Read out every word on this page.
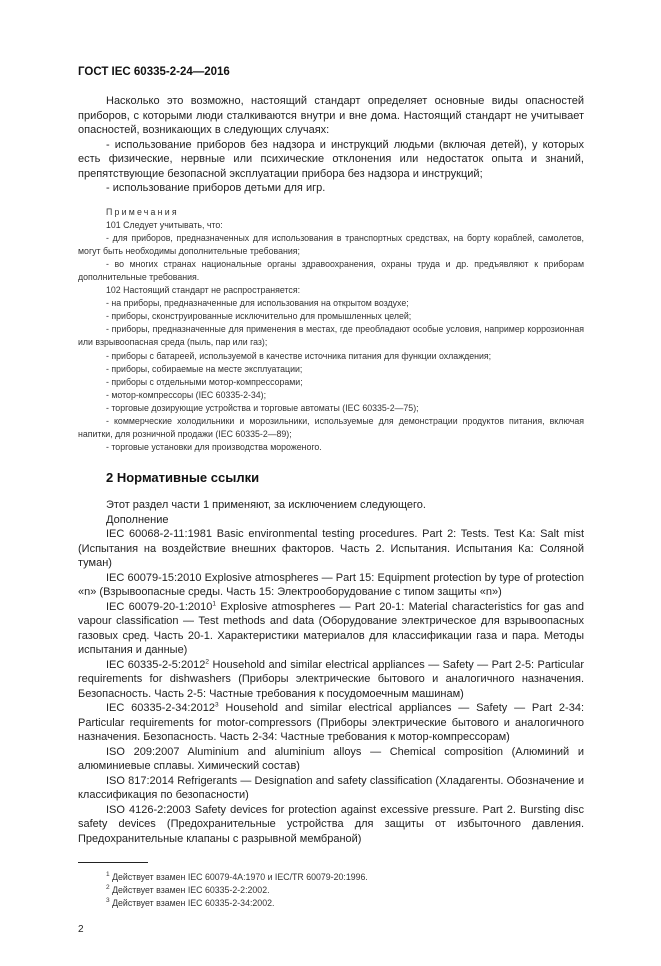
ГОСТ IEC 60335-2-24—2016

Насколько это возможно, настоящий стандарт определяет основные виды опасностей приборов, с которыми люди сталкиваются внутри и вне дома. Настоящий стандарт не учитывает опасностей, возникающих в следующих случаях:

- использование приборов без надзора и инструкций людьми (включая детей), у которых есть физические, нервные или психические отклонения или недостаток опыта и знаний, препятствующие безопасной эксплуатации прибора без надзора и инструкций;

- использование приборов детьми для игр.

Примечания

101 Следует учитывать, что:

- для приборов, предназначенных для использования в транспортных средствах, на борту кораблей, самолетов, могут быть необходимы дополнительные требования;

- во многих странах национальные органы здравоохранения, охраны труда и др. предъявляют к приборам дополнительные требования.

102 Настоящий стандарт не распространяется:

- на приборы, предназначенные для использования на открытом воздухе;

- приборы, сконструированные исключительно для промышленных целей;

- приборы, предназначенные для применения в местах, где преобладают особые условия, например коррозионная или взрывоопасная среда (пыль, пар или газ);

- приборы с батареей, используемой в качестве источника питания для функции охлаждения;

- приборы, собираемые на месте эксплуатации;

- приборы с отдельными мотор-компрессорами;

- мотор-компрессоры (IEC 60335-2-34);

- торговые дозирующие устройства и торговые автоматы (IEC 60335-2—75);

- коммерческие холодильники и морозильники, используемые для демонстрации продуктов питания, включая напитки, для розничной продажи (IEC 60335-2—89);

- торговые установки для производства мороженого.

2 Нормативные ссылки

Этот раздел части 1 применяют, за исключением следующего.

Дополнение

IEC 60068-2-11:1981 Basic environmental testing procedures. Part 2: Tests. Test Ka: Salt mist (Испытания на воздействие внешних факторов. Часть 2. Испытания. Испытания Ка: Соляной туман)

IEC 60079-15:2010 Explosive atmospheres — Part 15: Equipment protection by type of protection «n» (Взрывоопасные среды. Часть 15: Электрооборудование с типом защиты «n»)

IEC 60079-20-1:2010$^1$ Explosive atmospheres — Part 20-1: Material characteristics for gas and vapour classification — Test methods and data (Оборудование электрическое для взрывоопасных газовых сред. Часть 20-1. Характеристики материалов для классификации газа и пара. Методы испытания и данные)

IEC 60335-2-5:2012$^2$ Household and similar electrical appliances — Safety — Part 2-5: Particular requirements for dishwashers (Приборы электрические бытового и аналогичного назначения. Безопасность. Часть 2-5: Частные требования к посудомоечным машинам)

IEC 60335-2-34:2012$^3$ Household and similar electrical appliances — Safety — Part 2-34: Particular requirements for motor-compressors (Приборы электрические бытового и аналогичного назначения. Безопасность. Часть 2-34: Частные требования к мотор-компрессорам)

ISO 209:2007 Aluminium and aluminium alloys — Chemical composition (Алюминий и алюминиевые сплавы. Химический состав)

ISO 817:2014 Refrigerants — Designation and safety classification (Хладагенты. Обозначение и классификация по безопасности)

ISO 4126-2:2003 Safety devices for protection against excessive pressure. Part 2. Bursting disc safety devices (Предохранительные устройства для защиты от избыточного давления. Предохранительные клапаны с разрывной мембраной)

$^1$ Действует взамен IEC 60079-4A:1970 и IEC/TR 60079-20:1996.

$^2$ Действует взамен IEC 60335-2-2:2002.

$^3$ Действует взамен IEC 60335-2-34:2002.

2
